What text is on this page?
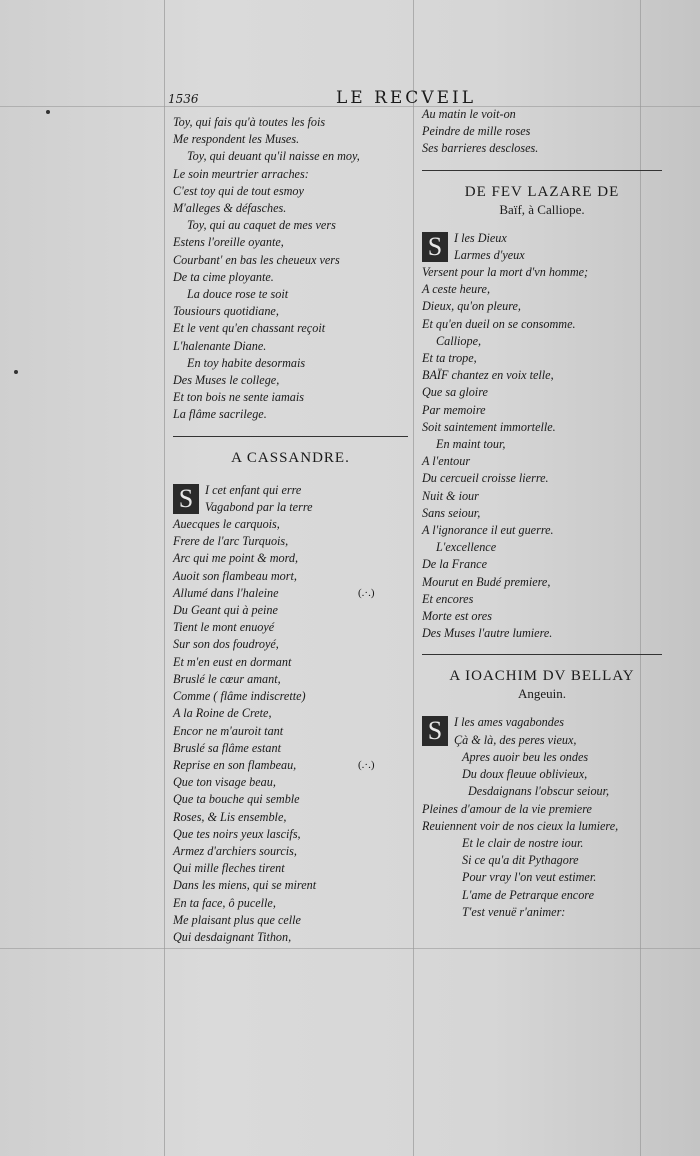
1536	LE RECVEIL
Toy, qui fais qu'à toutes les fois
Me respondent les Muses.
Toy, qui deuant qu'il naisse en moy,
Le soin meurtrier arraches:
C'est toy qui de tout esmoy
M'alleges & défasches.
Toy, qui au caquet de mes vers
Estens l'oreille oyante,
Courbant' en bas les cheueux vers
De ta cime ployante.
La douce rose te soit
Tousiours quotidiane,
Et le vent qu'en chassant reçoit
L'halenante Diane.
En toy habite desormais
Des Muses le college,
Et ton bois ne sente iamais
La flâme sacrilege.
A CASSANDRE.
S I cet enfant qui erre
Vagabond par la terre
Auecques le carquois,
Frere de l'arc Turquois,
Arc qui me point & mord,
Auoit son flambeau mort,
Allumé dans l'haleine	(.·.)
Du Geant qui à peine
Tient le mont enuoyé
Sur son dos foudroyé,
Et m'en eust en dormant
Bruslé le cœur amant,
Comme ( flâme indiscrette)
A la Roine de Crete,
Encor ne m'auroit tant
Bruslé sa flâme estant
Reprise en son flambeau,	(.·.)
Que ton visage beau,
Que ta bouche qui semble
Roses, & Lis ensemble,
Que tes noirs yeux lascifs,
Armez d'archiers sourcis,
Qui mille fleches tirent
Dans les miens, qui se mirent
En ta face, ô pucelle,
Me plaisant plus que celle
Qui desdaignant Tithon,
Au matin le voit-on
Peindre de mille roses
Ses barrieres descloses.
DE FEV LAZARE DE
Baïf, à Calliope.
S I les Dieux
Larmes d'yeux
Versent pour la mort d'vn homme;
A ceste heure,
Dieux, qu'on pleure,
Et qu'en dueil on se consomme.
Calliope,
Et ta trope,
BAÏF chantez en voix telle,
Que sa gloire
Par memoire
Soit saintement immortelle.
En maint tour,
A l'entour
Du cercueil croisse lierre.
Nuit & iour
Sans seiour,
A l'ignorance il eut guerre.
L'excellence
De la France
Mourut en Budé premiere,
Et encores
Morte est ores
Des Muses l'autre lumiere.
A IOACHIM DV BELLAY
Angeuin.
S I les ames vagabondes
Çà & là, des peres vieux,
Apres auoir beu les ondes
Du doux fleuue oblivieux,
Desdaignans l'obscur seiour,
Pleines d'amour de la vie premiere
Reuiennent voir de nos cieux la lumiere,
Et le clair de nostre iour.
Si ce qu'a dit Pythagore
Pour vray l'on veut estimer.
L'ame de Petrarque encore
T'est venuë r'animer:
